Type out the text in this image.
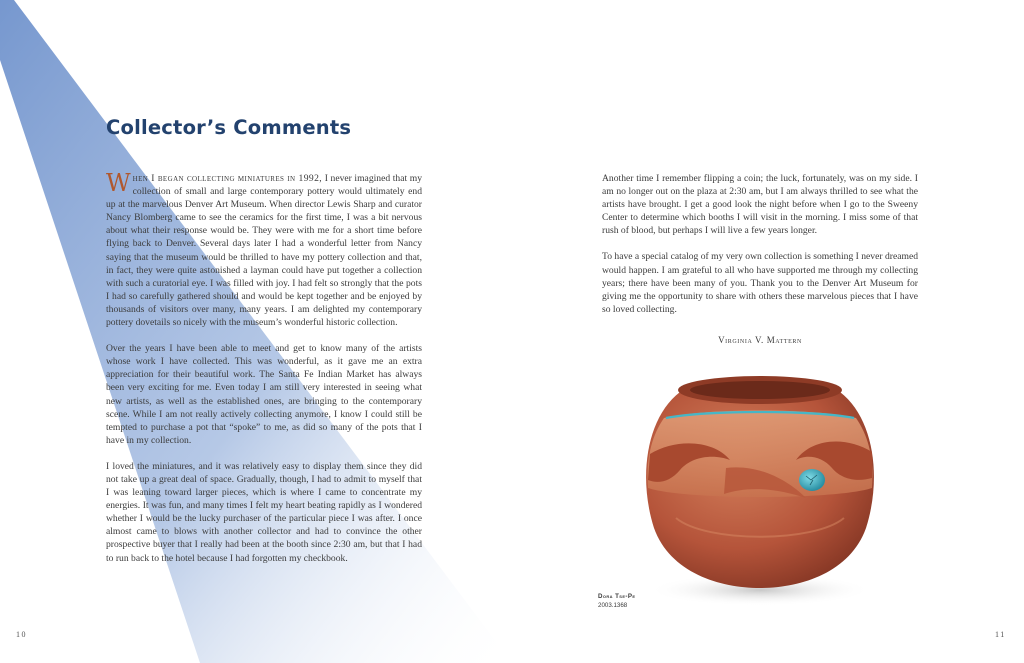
Collector’s Comments

When I began collecting miniatures in 1992, I never imagined that my collection of small and large contemporary pottery would ultimately end up at the marvelous Denver Art Museum. When director Lewis Sharp and curator Nancy Blomberg came to see the ceramics for the first time, I was a bit nervous about what their response would be. They were with me for a short time before flying back to Denver. Several days later I had a wonderful letter from Nancy saying that the museum would be thrilled to have my pottery collection and that, in fact, they were quite astonished a layman could have put together a collection with such a curatorial eye. I was filled with joy. I had felt so strongly that the pots I had so carefully gathered should and would be kept together and be enjoyed by thousands of visitors over many, many years. I am delighted my contemporary pottery dovetails so nicely with the museum’s wonderful historic collection.

Over the years I have been able to meet and get to know many of the artists whose work I have collected. This was wonderful, as it gave me an extra appreciation for their beautiful work. The Santa Fe Indian Market has always been very exciting for me. Even today I am still very interested in seeing what new artists, as well as the established ones, are bringing to the contemporary scene. While I am not really actively collecting anymore, I know I could still be tempted to purchase a pot that “spoke” to me, as did so many of the pots that I have in my collection.

I loved the miniatures, and it was relatively easy to display them since they did not take up a great deal of space. Gradually, though, I had to admit to myself that I was leaning toward larger pieces, which is where I came to concentrate my energies. It was fun, and many times I felt my heart beating rapidly as I wondered whether I would be the lucky purchaser of the particular piece I was after. I once almost came to blows with another collector and had to convince the other prospective buyer that I really had been at the booth since 2:30 am, but that I had to run back to the hotel because I had forgotten my checkbook.

10

Another time I remember flipping a coin; the luck, fortunately, was on my side. I am no longer out on the plaza at 2:30 am, but I am always thrilled to see what the artists have brought. I get a good look the night before when I go to the Sweeny Center to determine which booths I will visit in the morning. I miss some of that rush of blood, but perhaps I will live a few years longer.

To have a special catalog of my very own collection is something I never dreamed would happen. I am grateful to all who have supported me through my collecting years; there have been many of you. Thank you to the Denver Art Museum for giving me the opportunity to share with others these marvelous pieces that I have so loved collecting.

Virginia V. Mattern
Dora Tse-Pe
2003.1368
11
